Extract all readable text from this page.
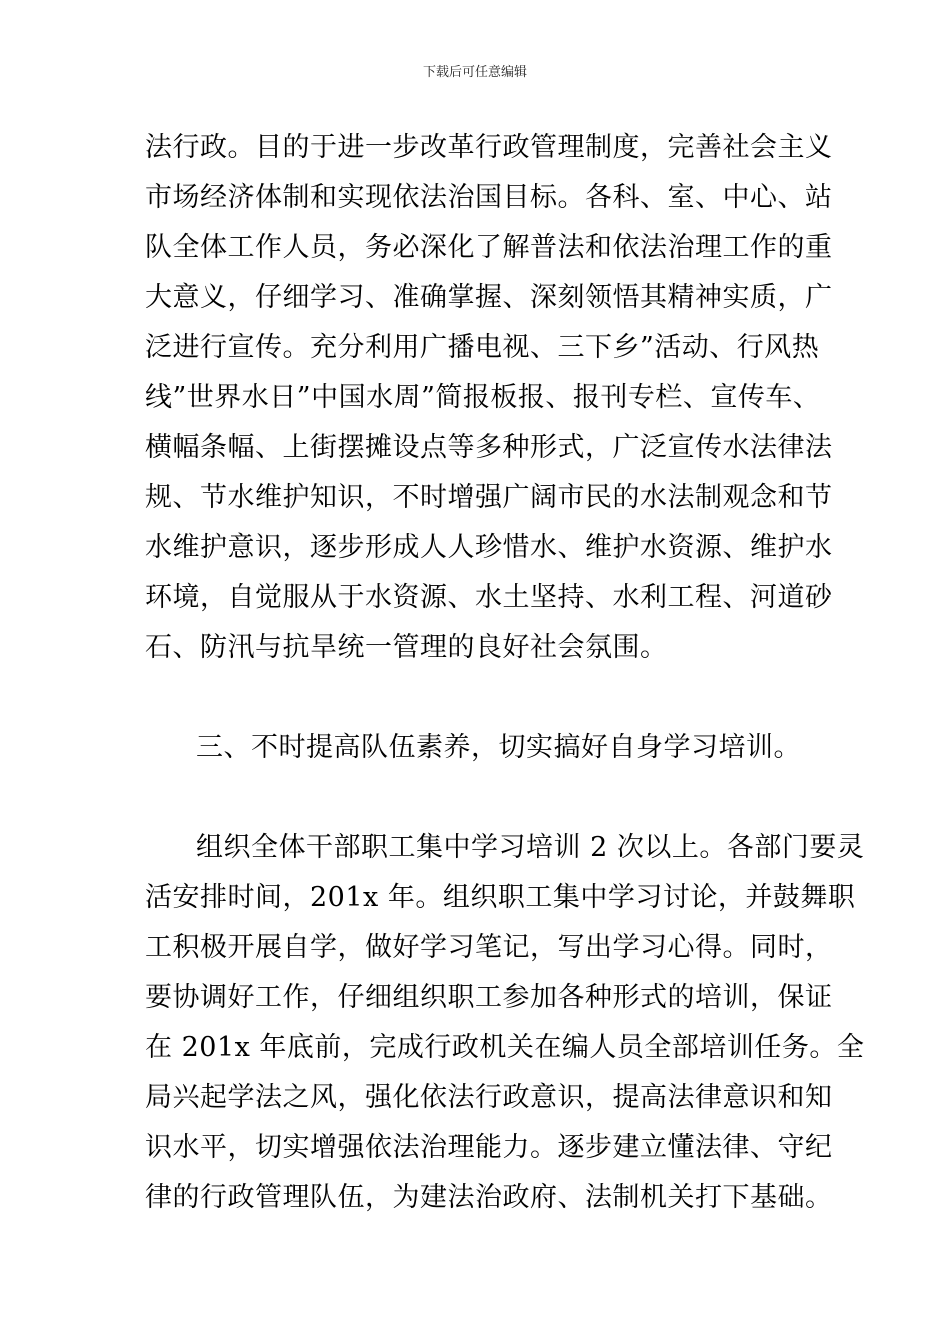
下载后可任意编辑
法行政。目的于进一步改革行政管理制度，完善社会主义
市场经济体制和实现依法治国目标。各科、室、中心、站
队全体工作人员，务必深化了解普法和依法治理工作的重
大意义，仔细学习、准确掌握、深刻领悟其精神实质，广
泛进行宣传。充分利用广播电视、三下乡”活动、行风热
线”世界水日”中国水周”简报板报、报刊专栏、宣传车、
横幅条幅、上街摆摊设点等多种形式，广泛宣传水法律法
规、节水维护知识，不时增强广阔市民的水法制观念和节
水维护意识，逐步形成人人珍惜水、维护水资源、维护水
环境，自觉服从于水资源、水土坚持、水利工程、河道砂
石、防汛与抗旱统一管理的良好社会氛围。
三、不时提高队伍素养，切实搞好自身学习培训。
组织全体干部职工集中学习培训 2 次以上。各部门要灵
活安排时间，201x 年。组织职工集中学习讨论，并鼓舞职
工积极开展自学，做好学习笔记，写出学习心得。同时，
要协调好工作，仔细组织职工参加各种形式的培训，保证
在 201x 年底前，完成行政机关在编人员全部培训任务。全
局兴起学法之风，强化依法行政意识，提高法律意识和知
识水平，切实增强依法治理能力。逐步建立懂法律、守纪
律的行政管理队伍，为建法治政府、法制机关打下基础。
